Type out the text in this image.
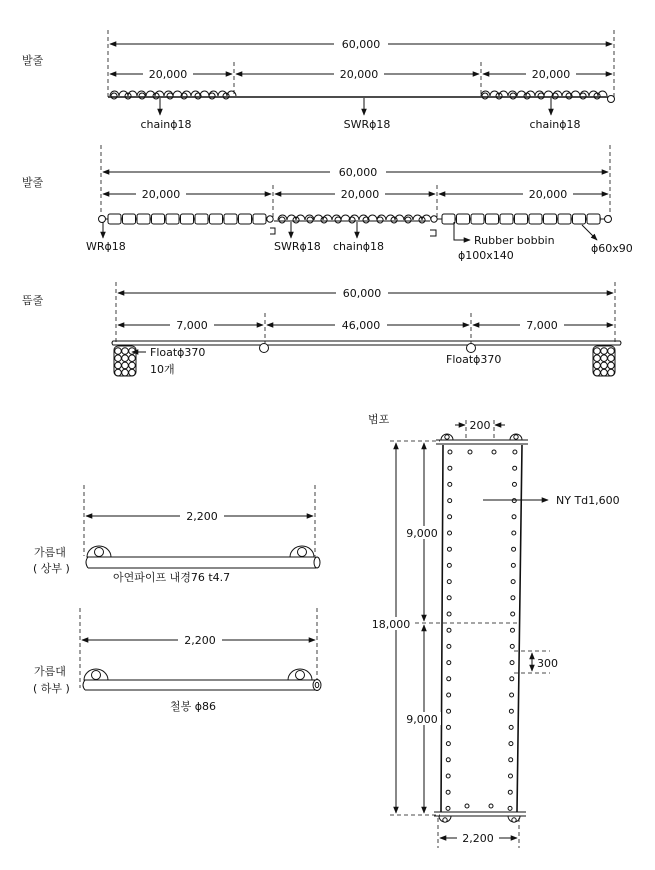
발줄
60,000
20,000	20,000	20,000
chainϕ18	SWRϕ18	chainϕ18
발줄
60,000
20,000	20,000	20,000
WRϕ18	SWRϕ18 chainϕ18	Rubber bobbin
ϕ100x140
ϕ60x90
뜸줄
60,000
7,000	46,000	7,000
Floatϕ370
10개
Floatϕ370
2,200
가름대
( 상부 )
아연파이프 내경76 t4.7
2,200
가름대
( 하부 )
철봉 ϕ86
범포	200
NY Td1,600
18,000
9,000
9,000
300
2,200
